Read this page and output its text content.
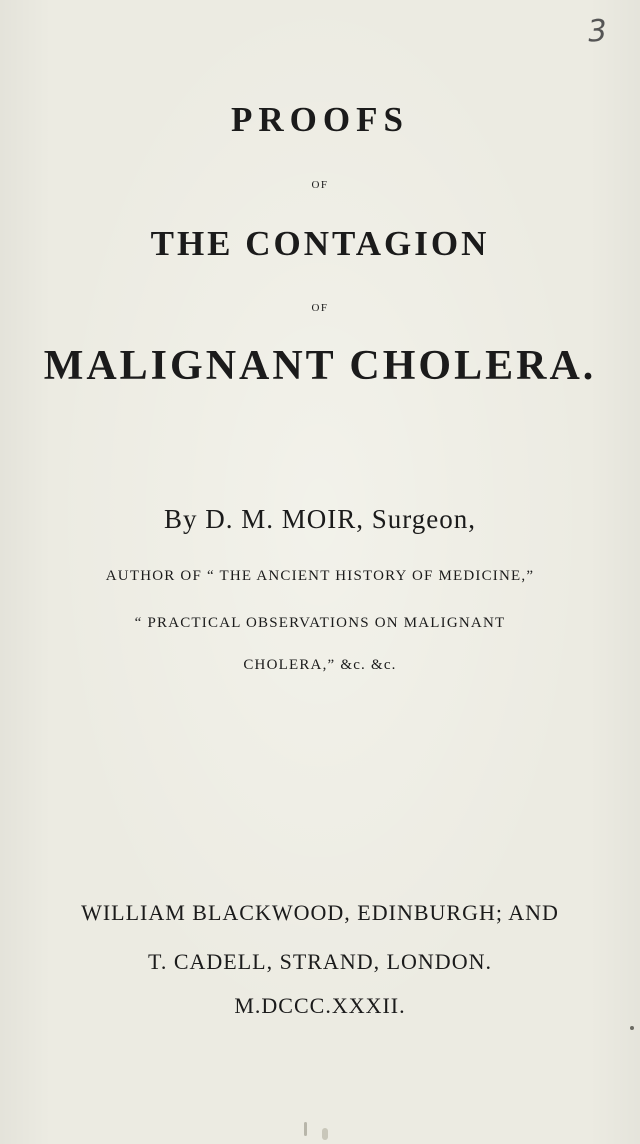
3
PROOFS
OF
THE CONTAGION
OF
MALIGNANT CHOLERA.
By D. M. MOIR, Surgeon,
AUTHOR OF “ THE ANCIENT HISTORY OF MEDICINE,”
“ PRACTICAL OBSERVATIONS ON MALIGNANT
CHOLERA,” &c. &c.
WILLIAM BLACKWOOD, EDINBURGH; AND
T. CADELL, STRAND, LONDON.
M.DCCC.XXXII.
